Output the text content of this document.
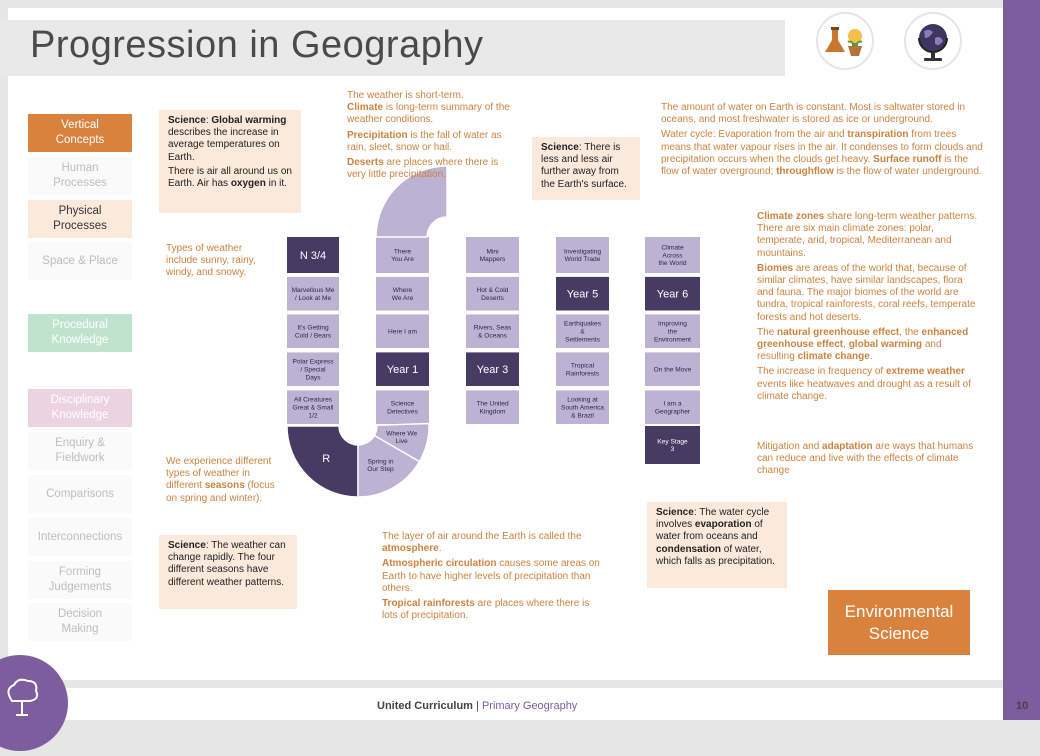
Progression in Geography
Vertical
Concepts
Human
Processes
Physical
Processes
Space & Place
Procedural
Knowledge
Disciplinary
Knowledge
Enquiry &
Fieldwork
Comparisons
Interconnections
Forming
Judgements
Decision
Making
N 3/4
Marvellous Me / Look at Me
It's Getting Cold / Bears
Polar Express / Special Days
All Creatures Great & Small 1/2
There You Are
Where We Are
Here I am
Year 1
Science Detectives
Mini Mappers
Hot & Cold Deserts
Rivers, Seas & Oceans
Year 3
The United Kingdom
Investigating World Trade
Year 5
Earthquakes & Settlements
Tropical Rainforests
Looking at South America & Brazil
Climate Across the World
Year 6
Improving the Environment
On the Move
I am a Geographer
Key Stage 3
R	Spring in Our Step
Where We Live
Types of weather include sunny, rainy, windy, and snowy.
The weather is short-term.
Climate is long-term summary of the weather conditions.
Precipitation is the fall of water as rain, sleet, snow or hail.
Deserts are places where there is very little precipitation.
The amount of water on Earth is constant. Most is saltwater stored in oceans, and most freshwater is stored as ice or underground.
Water cycle: Evaporation from the air and transpiration from trees means that water vapour rises in the air. It condenses to form clouds and precipitation occurs when the clouds get heavy. Surface runoff is the flow of water overground; throughflow is the flow of water underground.
Climate zones share long-term weather patterns. There are six main climate zones: polar, temperate, arid, tropical, Mediterranean and mountains.
Biomes are areas of the world that, because of similar climates, have similar landscapes, flora and fauna. The major biomes of the world are tundra, tropical rainforests, coral reefs, temperate forests and hot deserts.
The natural greenhouse effect, the enhanced greenhouse effect, global warming and resulting climate change.
The increase in frequency of extreme weather events like heatwaves and drought as a result of climate change.
Mitigation and adaptation are ways that humans can reduce and live with the effects of climate change
We experience different types of weather in different seasons (focus on spring and winter).
The layer of air around the Earth is called the atmosphere.
Atmospheric circulation causes some areas on Earth to have higher levels of precipitation than others.
Tropical rainforests are places where there is lots of precipitation.

Science: Global warming describes the increase in average temperatures on Earth.

There is air all around us on Earth. Air has oxygen in it.

Science: There is less and less air further away from the Earth's surface.
Science: The weather can change rapidly. The four different seasons have different weather patterns.
Science: The water cycle involves evaporation of water from oceans and condensation of water, which falls as precipitation.
Environmental
Science
United Curriculum | Primary Geography	10
